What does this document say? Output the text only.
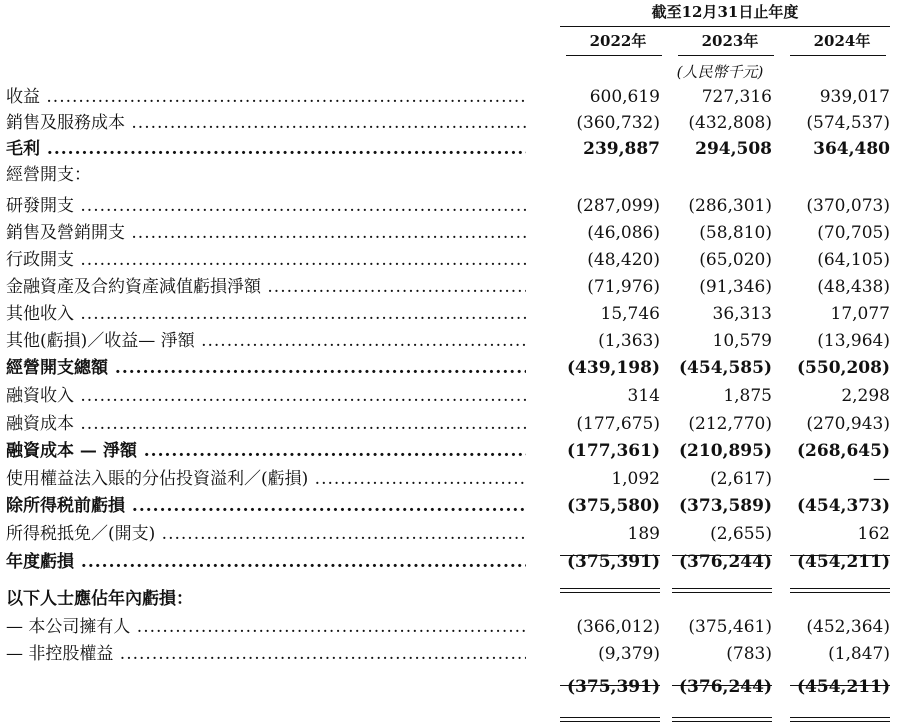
截至12月31日止年度
2022年	2023年	2024年
(人民幣千元)
收益 .....	600,619	727,316	939,017
銷售及服務成本 .....	(360,732)	(432,808)	(574,537)
毛利 .....	239,887	294,508	364,480
經營開支：
研發開支 .....	(287,099)	(286,301)	(370,073)
銷售及營銷開支 .....	(46,086)	(58,810)	(70,705)
行政開支 .....	(48,420)	(65,020)	(64,105)
金融資產及合約資產減值虧損淨額 .....	(71,976)	(91,346)	(48,438)
其他收入 .....	15,746	36,313	17,077
其他(虧損)／收益— 淨額 .....	(1,363)	10,579	(13,964)
經營開支總額 .....	(439,198)	(454,585)	(550,208)
融資收入 .....	314	1,875	2,298
融資成本 .....	(177,675)	(212,770)	(270,943)
融資成本 — 淨額 .....	(177,361)	(210,895)	(268,645)
使用權益法入賬的分佔投資溢利／(虧損) .....	1,092	(2,617)	—
除所得税前虧損 .....	(375,580)	(373,589)	(454,373)
所得税抵免／(開支) .....	189	(2,655)	162
年度虧損 .....	(375,391)	(376,244)	(454,211)
以下人士應佔年內虧損：
— 本公司擁有人 .....	(366,012)	(375,461)	(452,364)
— 非控股權益 .....	(9,379)	(783)	(1,847)
(375,391)	(376,244)	(454,211)
